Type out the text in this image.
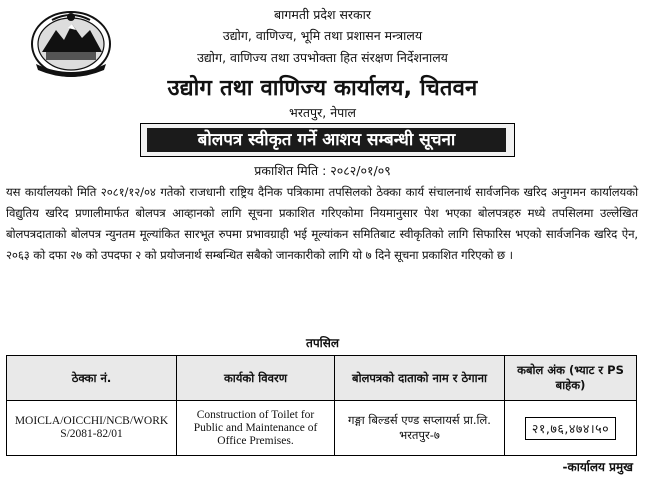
बागमती प्रदेश सरकार
उद्योग, वाणिज्य, भूमि तथा प्रशासन मन्त्रालय
उद्योग, वाणिज्य तथा उपभोक्ता हित संरक्षण निर्देशनालय
उद्योग तथा वाणिज्य कार्यालय, चितवन
भरतपुर, नेपाल
बोलपत्र स्वीकृत गर्ने आशय सम्बन्धी सूचना
प्रकाशित मिति : २०८२/०१/०९
यस कार्यालयको मिति २०८१/१२/०४ गतेको राजधानी राष्ट्रिय दैनिक पत्रिकामा तपसिलको ठेक्का कार्य संचालनार्थ सार्वजनिक खरिद अनुगमन कार्यालयको विद्युतिय खरिद प्रणालीमार्फत बोलपत्र आव्हानको लागि सूचना प्रकाशित गरिएकोमा नियमानुसार पेश भएका बोलपत्रहरु मध्ये तपसिलमा उल्लेखित बोलपत्रदाताको बोलपत्र न्युनतम मूल्यांकित सारभूत रुपमा प्रभावग्राही भई मूल्यांकन समितिबाट स्वीकृतिको लागि सिफारिस भएको सार्वजनिक खरिद ऐन, २०६३ को दफा २७ को उपदफा २ को प्रयोजनार्थ सम्बन्धित सबैको जानकारीको लागि यो ७ दिने सूचना प्रकाशित गरिएको छ ।
तपसिल
ठेक्का नं.	कार्यको विवरण	बोलपत्रको दाताको नाम र ठेगाना	कबोल अंक (भ्याट र PS बाहेक)
MOICLA/OICCHI/NCB/WORKS/2081-82/01	Construction of Toilet for Public and Maintenance of Office Premises.	गङ्गा बिल्डर्स एण्ड सप्लायर्स प्रा.लि. भरतपुर-७	२१,७६,४७४।५०
-कार्यालय प्रमुख
